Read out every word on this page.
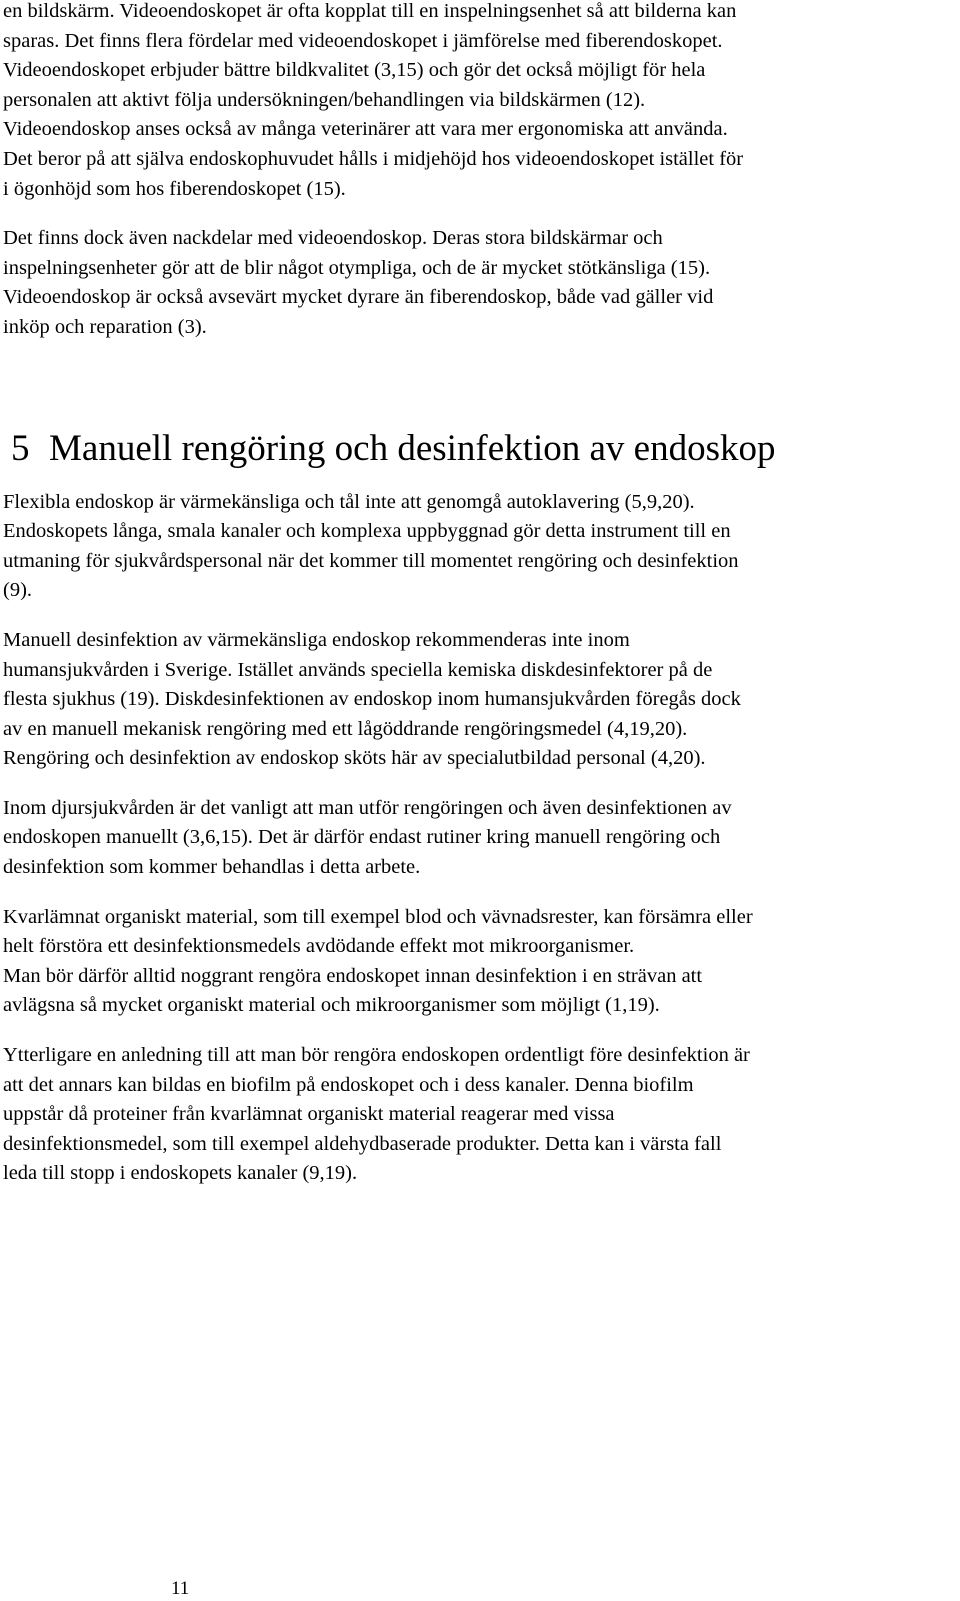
en bildskärm. Videoendoskopet är ofta kopplat till en inspelningsenhet så att bilderna kan
sparas. Det finns flera fördelar med videoendoskopet i jämförelse med fiberendoskopet.
Videoendoskopet erbjuder bättre bildkvalitet (3,15) och gör det också möjligt för hela
personalen att aktivt följa undersökningen/behandlingen via bildskärmen (12).
Videoendoskop anses också av många veterinärer att vara mer ergonomiska att använda.
Det beror på att själva endoskophuvudet hålls i midjehöjd hos videoendoskopet istället för
i ögonhöjd som hos fiberendoskopet (15).

Det finns dock även nackdelar med videoendoskop. Deras stora bildskärmar och
inspelningsenheter gör att de blir något otympliga, och de är mycket stötkänsliga (15).
Videoendoskop är också avsevärt mycket dyrare än fiberendoskop, både vad gäller vid
inköp och reparation (3).

5 Manuell rengöring och desinfektion av endoskop

Flexibla endoskop är värmekänsliga och tål inte att genomgå autoklavering (5,9,20).
Endoskopets långa, smala kanaler och komplexa uppbyggnad gör detta instrument till en
utmaning för sjukvårdspersonal när det kommer till momentet rengöring och desinfektion
(9).

Manuell desinfektion av värmekänsliga endoskop rekommenderas inte inom
humansjukvården i Sverige. Istället används speciella kemiska diskdesinfektorer på de
flesta sjukhus (19). Diskdesinfektionen av endoskop inom humansjukvården föregås dock
av en manuell mekanisk rengöring med ett lågöddrande rengöringsmedel (4,19,20).
Rengöring och desinfektion av endoskop sköts här av specialutbildad personal (4,20).

Inom djursjukvården är det vanligt att man utför rengöringen och även desinfektionen av
endoskopen manuellt (3,6,15). Det är därför endast rutiner kring manuell rengöring och
desinfektion som kommer behandlas i detta arbete.

Kvarlämnat organiskt material, som till exempel blod och vävnadsrester, kan försämra eller
helt förstöra ett desinfektionsmedels avdödande effekt mot mikroorganismer.
Man bör därför alltid noggrant rengöra endoskopet innan desinfektion i en strävan att
avlägsna så mycket organiskt material och mikroorganismer som möjligt (1,19).

Ytterligare en anledning till att man bör rengöra endoskopen ordentligt före desinfektion är
att det annars kan bildas en biofilm på endoskopet och i dess kanaler. Denna biofilm
uppstår då proteiner från kvarlämnat organiskt material reagerar med vissa
desinfektionsmedel, som till exempel aldehydbaserade produkter. Detta kan i värsta fall
leda till stopp i endoskopets kanaler (9,19).

11
